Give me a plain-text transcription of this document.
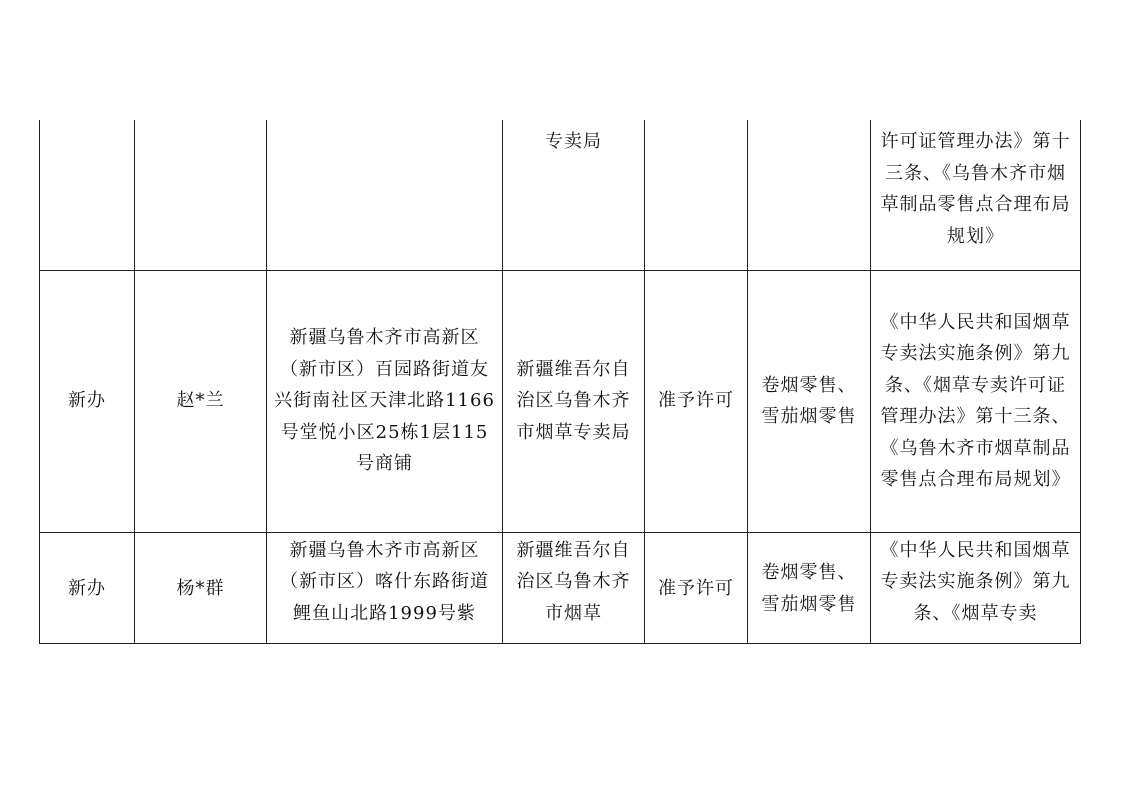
			专卖局			许可证管理办法》第十三条、《乌鲁木齐市烟草制品零售点合理布局规划》

新办	赵*兰	新疆乌鲁木齐市高新区（新市区）百园路街道友兴街南社区天津北路1166号堂悦小区25栋1层115号商铺	新疆维吾尔自治区乌鲁木齐市烟草专卖局	准予许可	卷烟零售、雪茄烟零售	《中华人民共和国烟草专卖法实施条例》第九条、《烟草专卖许可证管理办法》第十三条、《乌鲁木齐市烟草制品零售点合理布局规划》

新办	杨*群	新疆乌鲁木齐市高新区（新市区）喀什东路街道鲤鱼山北路1999号紫	新疆维吾尔自治区乌鲁木齐市烟草	准予许可	卷烟零售、雪茄烟零售	《中华人民共和国烟草专卖法实施条例》第九条、《烟草专卖
